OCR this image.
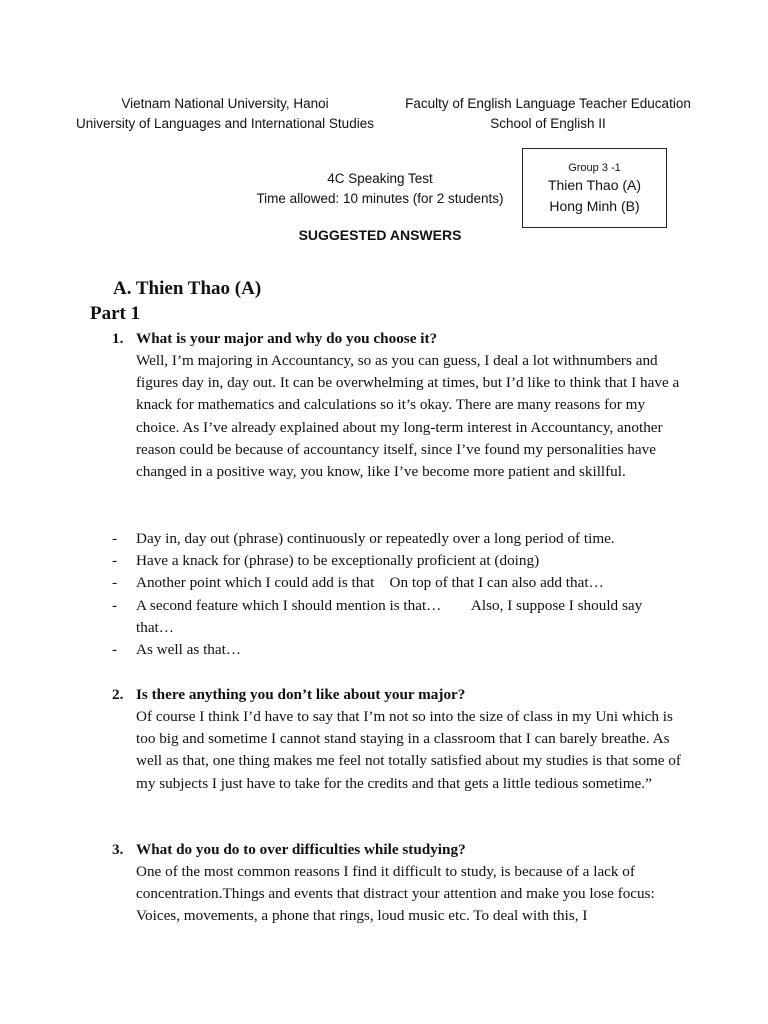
Vietnam National University, Hanoi
University of Languages and International Studies
Faculty of English Language Teacher Education
School of English II
4C Speaking Test
Time allowed: 10 minutes (for 2 students)
Group 3 -1
Thien Thao (A)
Hong Minh (B)
SUGGESTED ANSWERS
A. Thien Thao (A)
Part 1
1. What is your major and why do you choose it?
Well, I’m majoring in Accountancy, so as you can guess, I deal a lot withnumbers and figures day in, day out. It can be overwhelming at times, but I’d like to think that I have a knack for mathematics and calculations so it’s okay. There are many reasons for my choice. As I’ve already explained about my long-term interest in Accountancy, another reason could be because of accountancy itself, since I’ve found my personalities have changed in a positive way, you know, like I’ve become more patient and skillful.
-	Day in, day out (phrase) continuously or repeatedly over a long period of time.
-	Have a knack for (phrase) to be exceptionally proficient at (doing)
-	Another point which I could add is that    On top of that I can also add that…
-	A second feature which I should mention is that…        Also, I suppose I should say that…
-	As well as that…
2. Is there anything you don’t like about your major?
Of course I think I’d have to say that I’m not so into the size of class in my Uni which is too big and sometime I cannot stand staying in a classroom that I can barely breathe. As well as that, one thing makes me feel not totally satisfied about my studies is that some of my subjects I just have to take for the credits and that gets a little tedious sometime.”
3. What do you do to over difficulties while studying?
One of the most common reasons I find it difficult to study, is because of a lack of concentration.Things and events that distract your attention and make you lose focus: Voices, movements, a phone that rings, loud music etc. To deal with this, I
